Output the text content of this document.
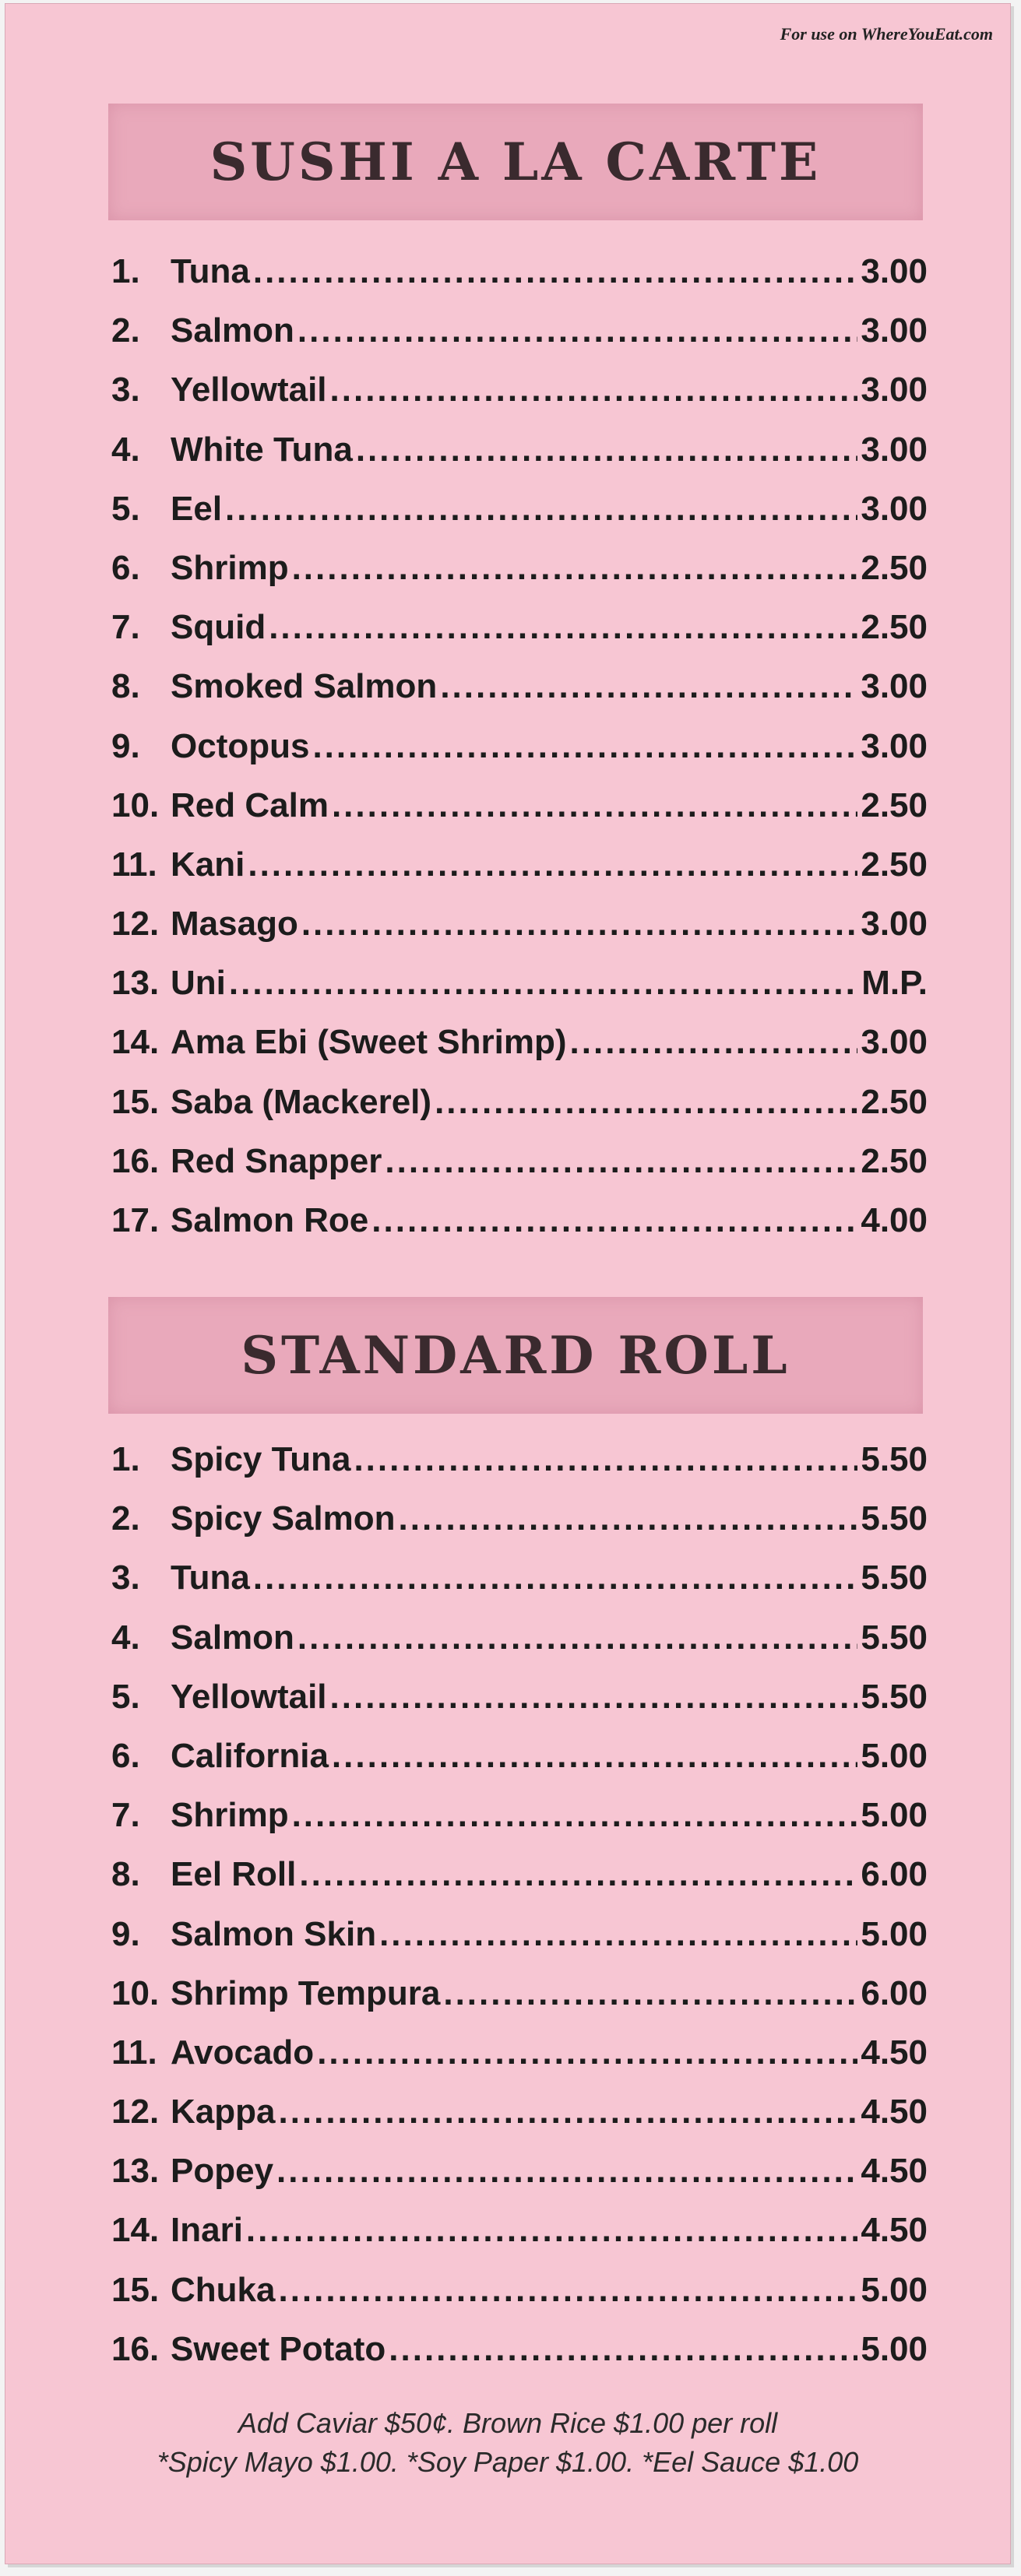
For use on WhereYouEat.com
SUSHI A LA CARTE
1. Tuna .....	3.00
2. Salmon .....	3.00
3. Yellowtail .....	3.00
4. White Tuna .....	3.00
5. Eel .....	3.00
6. Shrimp .....	2.50
7. Squid .....	2.50
8. Smoked Salmon .....	3.00
9. Octopus .....	3.00
10. Red Calm .....	2.50
11. Kani .....	2.50
12. Masago .....	3.00
13. Uni .....	M.P.
14. Ama Ebi (Sweet Shrimp) .....	3.00
15. Saba (Mackerel) .....	2.50
16. Red Snapper .....	2.50
17. Salmon Roe .....	4.00
STANDARD ROLL
1. Spicy Tuna .....	5.50
2. Spicy Salmon .....	5.50
3. Tuna .....	5.50
4. Salmon .....	5.50
5. Yellowtail .....	5.50
6. California .....	5.00
7. Shrimp .....	5.00
8. Eel Roll .....	6.00
9. Salmon Skin .....	5.00
10. Shrimp Tempura .....	6.00
11. Avocado .....	4.50
12. Kappa .....	4.50
13. Popey .....	4.50
14. Inari .....	4.50
15. Chuka .....	5.00
16. Sweet Potato .....	5.00
Add Caviar $50¢. Brown Rice $1.00 per roll
*Spicy Mayo $1.00. *Soy Paper $1.00. *Eel Sauce $1.00
